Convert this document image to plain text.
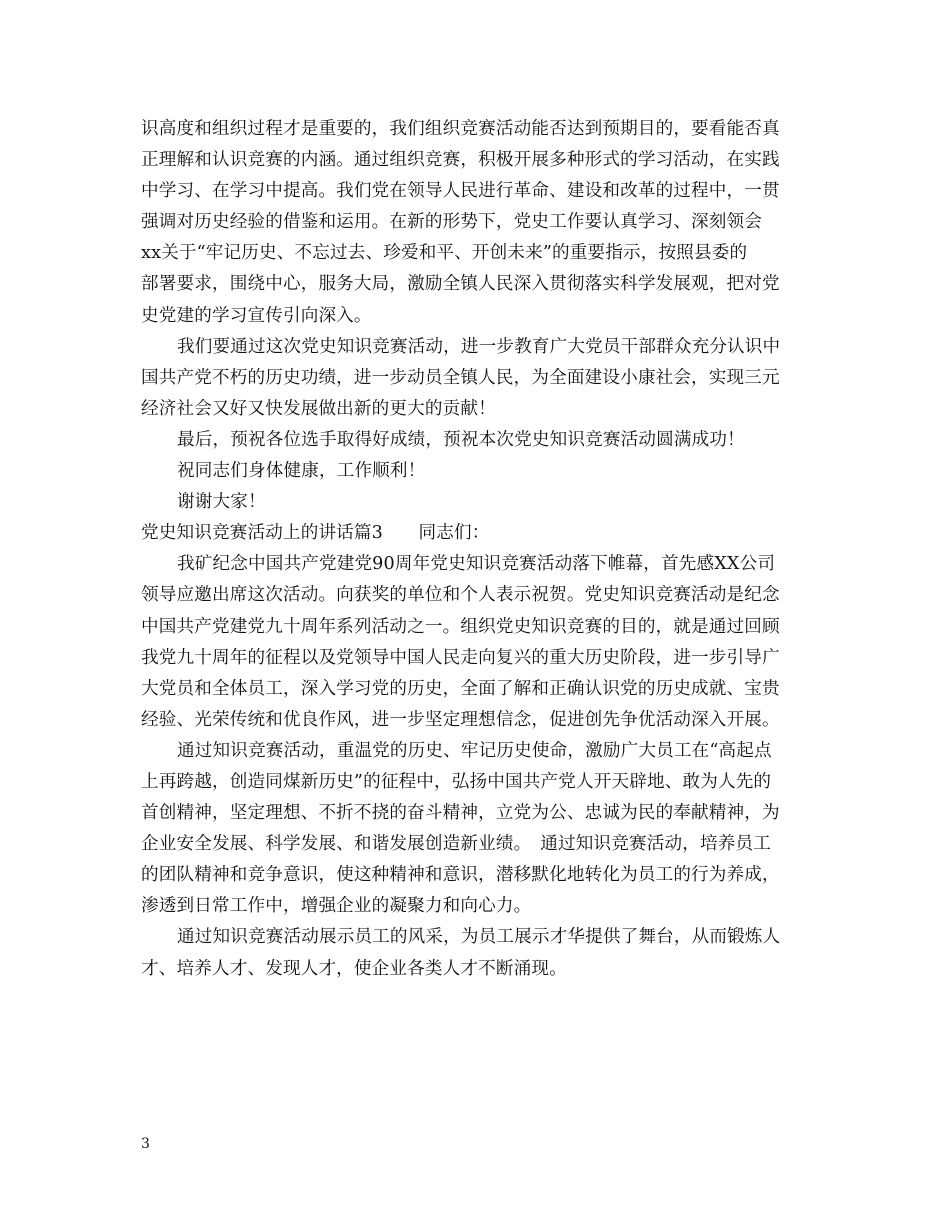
识高度和组织过程才是重要的，我们组织竞赛活动能否达到预期目的，要看能否真
正理解和认识竞赛的内涵。通过组织竞赛，积极开展多种形式的学习活动，在实践
中学习、在学习中提高。我们党在领导人民进行革命、建设和改革的过程中，一贯
强调对历史经验的借鉴和运用。在新的形势下，党史工作要认真学习、深刻领会
xx关于“牢记历史、不忘过去、珍爱和平、开创未来”的重要指示，按照县委的
部署要求，围绕中心，服务大局，激励全镇人民深入贯彻落实科学发展观，把对党
史党建的学习宣传引向深入。
我们要通过这次党史知识竞赛活动，进一步教育广大党员干部群众充分认识中
国共产党不朽的历史功绩，进一步动员全镇人民，为全面建设小康社会，实现三元
经济社会又好又快发展做出新的更大的贡献！
最后，预祝各位选手取得好成绩，预祝本次党史知识竞赛活动圆满成功！
祝同志们身体健康，工作顺利！
谢谢大家！
党史知识竞赛活动上的讲话篇3　　同志们：
我矿纪念中国共产党建党90周年党史知识竞赛活动落下帷幕，首先感XX公司
领导应邀出席这次活动。向获奖的单位和个人表示祝贺。党史知识竞赛活动是纪念
中国共产党建党九十周年系列活动之一。组织党史知识竞赛的目的，就是通过回顾
我党九十周年的征程以及党领导中国人民走向复兴的重大历史阶段，进一步引导广
大党员和全体员工，深入学习党的历史，全面了解和正确认识党的历史成就、宝贵
经验、光荣传统和优良作风，进一步坚定理想信念，促进创先争优活动深入开展。
通过知识竞赛活动，重温党的历史、牢记历史使命，激励广大员工在“高起点
上再跨越，创造同煤新历史”的征程中，弘扬中国共产党人开天辟地、敢为人先的
首创精神，坚定理想、不折不挠的奋斗精神，立党为公、忠诚为民的奉献精神，为
企业安全发展、科学发展、和谐发展创造新业绩。　通过知识竞赛活动，培养员工
的团队精神和竞争意识，使这种精神和意识，潜移默化地转化为员工的行为养成，
渗透到日常工作中，增强企业的凝聚力和向心力。
通过知识竞赛活动展示员工的风采，为员工展示才华提供了舞台，从而锻炼人
才、培养人才、发现人才，使企业各类人才不断涌现。
3
